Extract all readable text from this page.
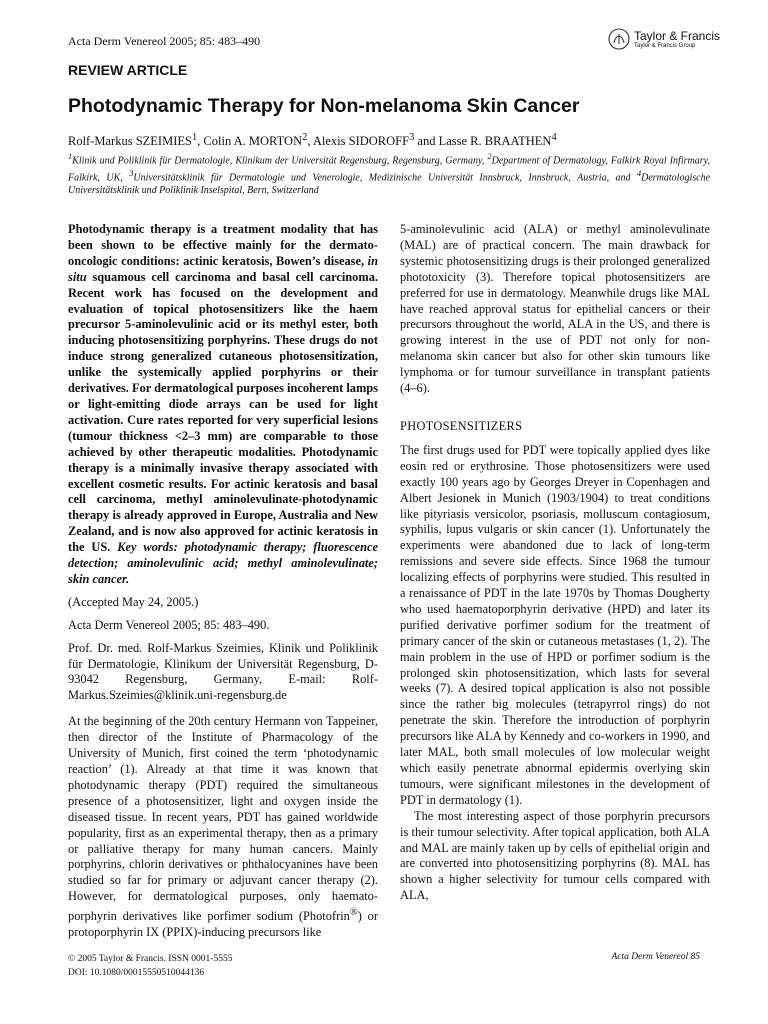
Acta Derm Venereol 2005; 85: 483–490	Taylor & Francis
Taylor & Francis Group
REVIEW ARTICLE
Photodynamic Therapy for Non-melanoma Skin Cancer
Rolf-Markus SZEIMIES$^1$, Colin A. MORTON$^2$, Alexis SIDOROFF$^3$ and Lasse R. BRAATHEN$^4$
$^1$Klinik und Poliklinik für Dermatologie, Klinikum der Universität Regensburg, Regensburg, Germany, $^2$Department of Dermatology, Falkirk Royal Infirmary, Falkirk, UK, $^3$Universitätsklinik für Dermatologie und Venerologie, Medizinische Universität Innsbruck, Innsbruck, Austria, and $^4$Dermatologische Universitätsklinik und Poliklinik Inselspital, Bern, Switzerland

Photodynamic therapy is a treatment modality that has been shown to be effective mainly for the dermato-oncologic conditions: actinic keratosis, Bowen’s disease, in situ squamous cell carcinoma and basal cell carcinoma. Recent work has focused on the development and evaluation of topical photosensitizers like the haem precursor 5-aminolevulinic acid or its methyl ester, both inducing photosensitizing porphyrins. These drugs do not induce strong generalized cutaneous photosensitization, unlike the systemically applied porphyrins or their derivatives. For dermatological purposes incoherent lamps or light-emitting diode arrays can be used for light activation. Cure rates reported for very superficial lesions (tumour thickness <2–3 mm) are comparable to those achieved by other therapeutic modalities. Photodynamic therapy is a minimally invasive therapy associated with excellent cosmetic results. For actinic keratosis and basal cell carcinoma, methyl aminolevulinate-photodynamic therapy is already approved in Europe, Australia and New Zealand, and is now also approved for actinic keratosis in the US. Key words: photodynamic therapy; fluorescence detection; aminolevulinic acid; methyl aminolevulinate; skin cancer.

(Accepted May 24, 2005.)

Acta Derm Venereol 2005; 85: 483–490.

Prof. Dr. med. Rolf-Markus Szeimies, Klinik und Poliklinik für Dermatologie, Klinikum der Universität Regensburg, D-93042 Regensburg, Germany, E-mail: Rolf-Markus.Szeimies@klinik.uni-regensburg.de

At the beginning of the 20th century Hermann von Tappeiner, then director of the Institute of Pharmacology of the University of Munich, first coined the term ‘photodynamic reaction’ (1). Already at that time it was known that photodynamic therapy (PDT) required the simultaneous presence of a photosensitizer, light and oxygen inside the diseased tissue. In recent years, PDT has gained worldwide popularity, first as an experimental therapy, then as a primary or palliative therapy for many human cancers. Mainly porphyrins, chlorin derivatives or phthalocyanines have been studied so far for primary or adjuvant cancer therapy (2). However, for dermatological purposes, only haemato-porphyrin derivatives like porfimer sodium (Photofrin®) or protoporphyrin IX (PPIX)-inducing precursors like

5-aminolevulinic acid (ALA) or methyl aminolevulinate (MAL) are of practical concern. The main drawback for systemic photosensitizing drugs is their prolonged generalized phototoxicity (3). Therefore topical photosensitizers are preferred for use in dermatology. Meanwhile drugs like MAL have reached approval status for epithelial cancers or their precursors throughout the world, ALA in the US, and there is growing interest in the use of PDT not only for non-melanoma skin cancer but also for other skin tumours like lymphoma or for tumour surveillance in transplant patients (4–6).

PHOTOSENSITIZERS

The first drugs used for PDT were topically applied dyes like eosin red or erythrosine. Those photosensitizers were used exactly 100 years ago by Georges Dreyer in Copenhagen and Albert Jesionek in Munich (1903/1904) to treat conditions like pityriasis versicolor, psoriasis, molluscum contagiosum, syphilis, lupus vulgaris or skin cancer (1). Unfortunately the experiments were abandoned due to lack of long-term remissions and severe side effects. Since 1968 the tumour localizing effects of porphyrins were studied. This resulted in a renaissance of PDT in the late 1970s by Thomas Dougherty who used haematoporphyrin derivative (HPD) and later its purified derivative porfimer sodium for the treatment of primary cancer of the skin or cutaneous metastases (1, 2). The main problem in the use of HPD or porfimer sodium is the prolonged skin photosensitization, which lasts for several weeks (7). A desired topical application is also not possible since the rather big molecules (tetrapyrrol rings) do not penetrate the skin. Therefore the introduction of porphyrin precursors like ALA by Kennedy and co-workers in 1990, and later MAL, both small molecules of low molecular weight which easily penetrate abnormal epidermis overlying skin tumours, were significant milestones in the development of PDT in dermatology (1).

The most interesting aspect of those porphyrin precursors is their tumour selectivity. After topical application, both ALA and MAL are mainly taken up by cells of epithelial origin and are converted into photosensitizing porphyrins (8). MAL has shown a higher selectivity for tumour cells compared with ALA,

© 2005 Taylor & Francis. ISSN 0001-5555
DOI: 10.1080/00015550510044136
Acta Derm Venereol 85
